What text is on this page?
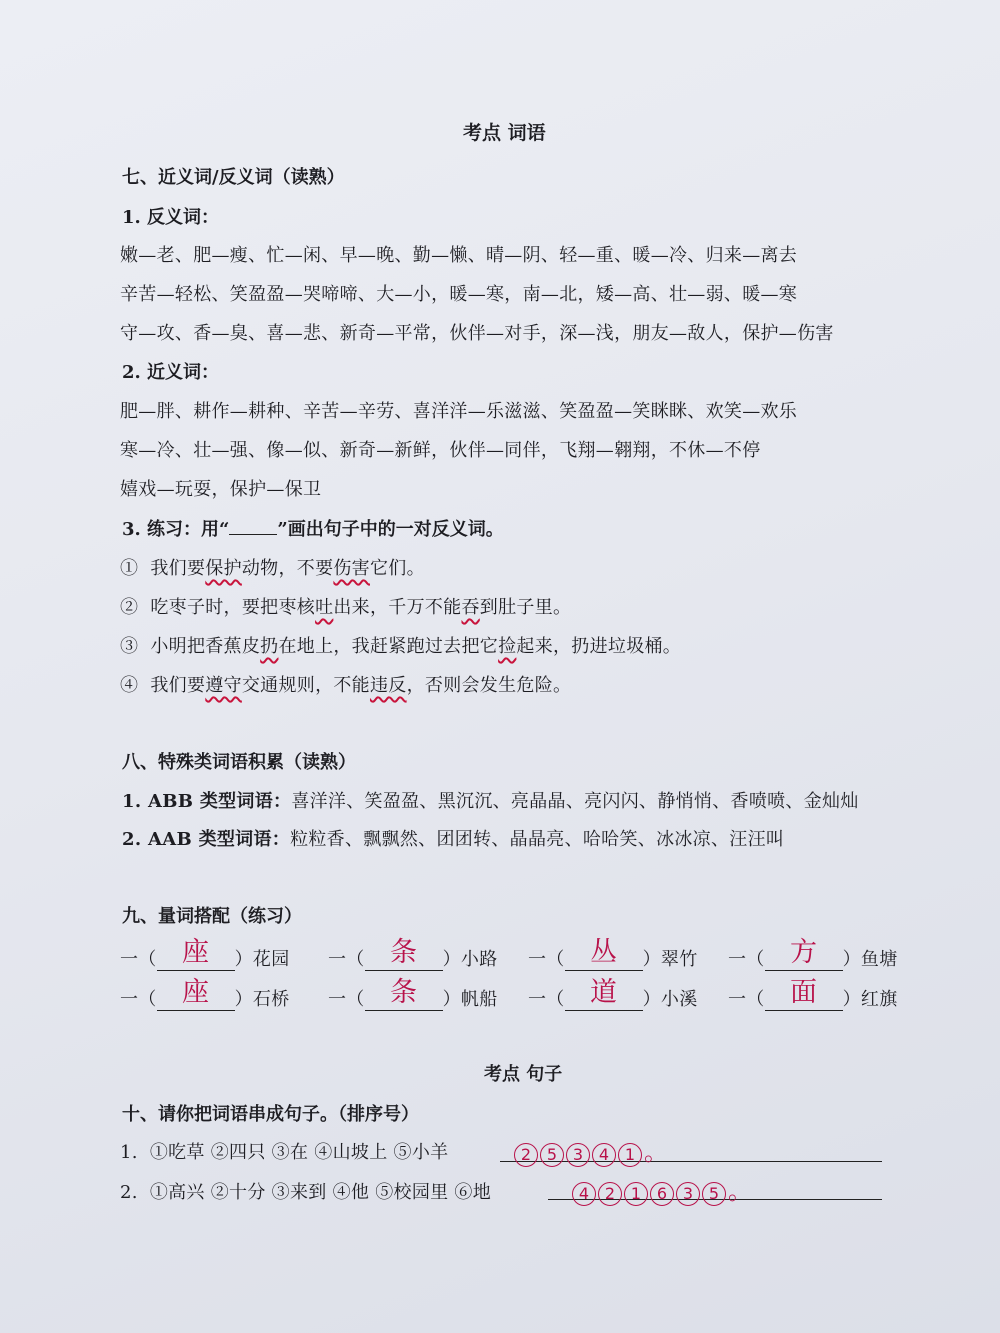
考点 词语
七、近义词/反义词（读熟）
1. 反义词：
嫩—老、肥—瘦、忙—闲、早—晚、勤—懒、晴—阴、轻—重、暖—冷、归来—离去
辛苦—轻松、笑盈盈—哭啼啼、大—小，暖—寒，南—北，矮—高、壮—弱、暖—寒
守—攻、香—臭、喜—悲、新奇—平常，伙伴—对手，深—浅，朋友—敌人，保护—伤害
2. 近义词：
肥—胖、耕作—耕种、辛苦—辛劳、喜洋洋—乐滋滋、笑盈盈—笑眯眯、欢笑—欢乐
寒—冷、壮—强、像—似、新奇—新鲜，伙伴—同伴，飞翔—翱翔，不休—不停
嬉戏—玩耍，保护—保卫
3. 练习：用“	”画出句子中的一对反义词。
① 我们要保护动物，不要伤害它们。
② 吃枣子时，要把枣核吐出来，千万不能吞到肚子里。
③ 小明把香蕉皮扔在地上，我赶紧跑过去把它捡起来，扔进垃圾桶。
④ 我们要遵守交通规则，不能违反，否则会发生危险。
八、特殊类词语积累（读熟）
1. ABB 类型词语：喜洋洋、笑盈盈、黑沉沉、亮晶晶、亮闪闪、静悄悄、香喷喷、金灿灿
2. AAB 类型词语：粒粒香、飘飘然、团团转、晶晶亮、哈哈笑、冰冰凉、汪汪叫
九、量词搭配（练习）
一（ 座	）花园 一（ 条	）小路 一（ 丛	）翠竹 一（ 方	）鱼塘
一（ 座	）石桥 一（ 条	）帆船 一（ 道	）小溪 一（ 面	）红旗
考点 句子
十、请你把词语串成句子。（排序号）
1. ①吃草 ②四只 ③在 ④山坡上 ⑤小羊	2 5 3 4 1 。
2. ①高兴 ②十分 ③来到 ④他 ⑤校园里 ⑥地	4 2 1 6 3 5 。
